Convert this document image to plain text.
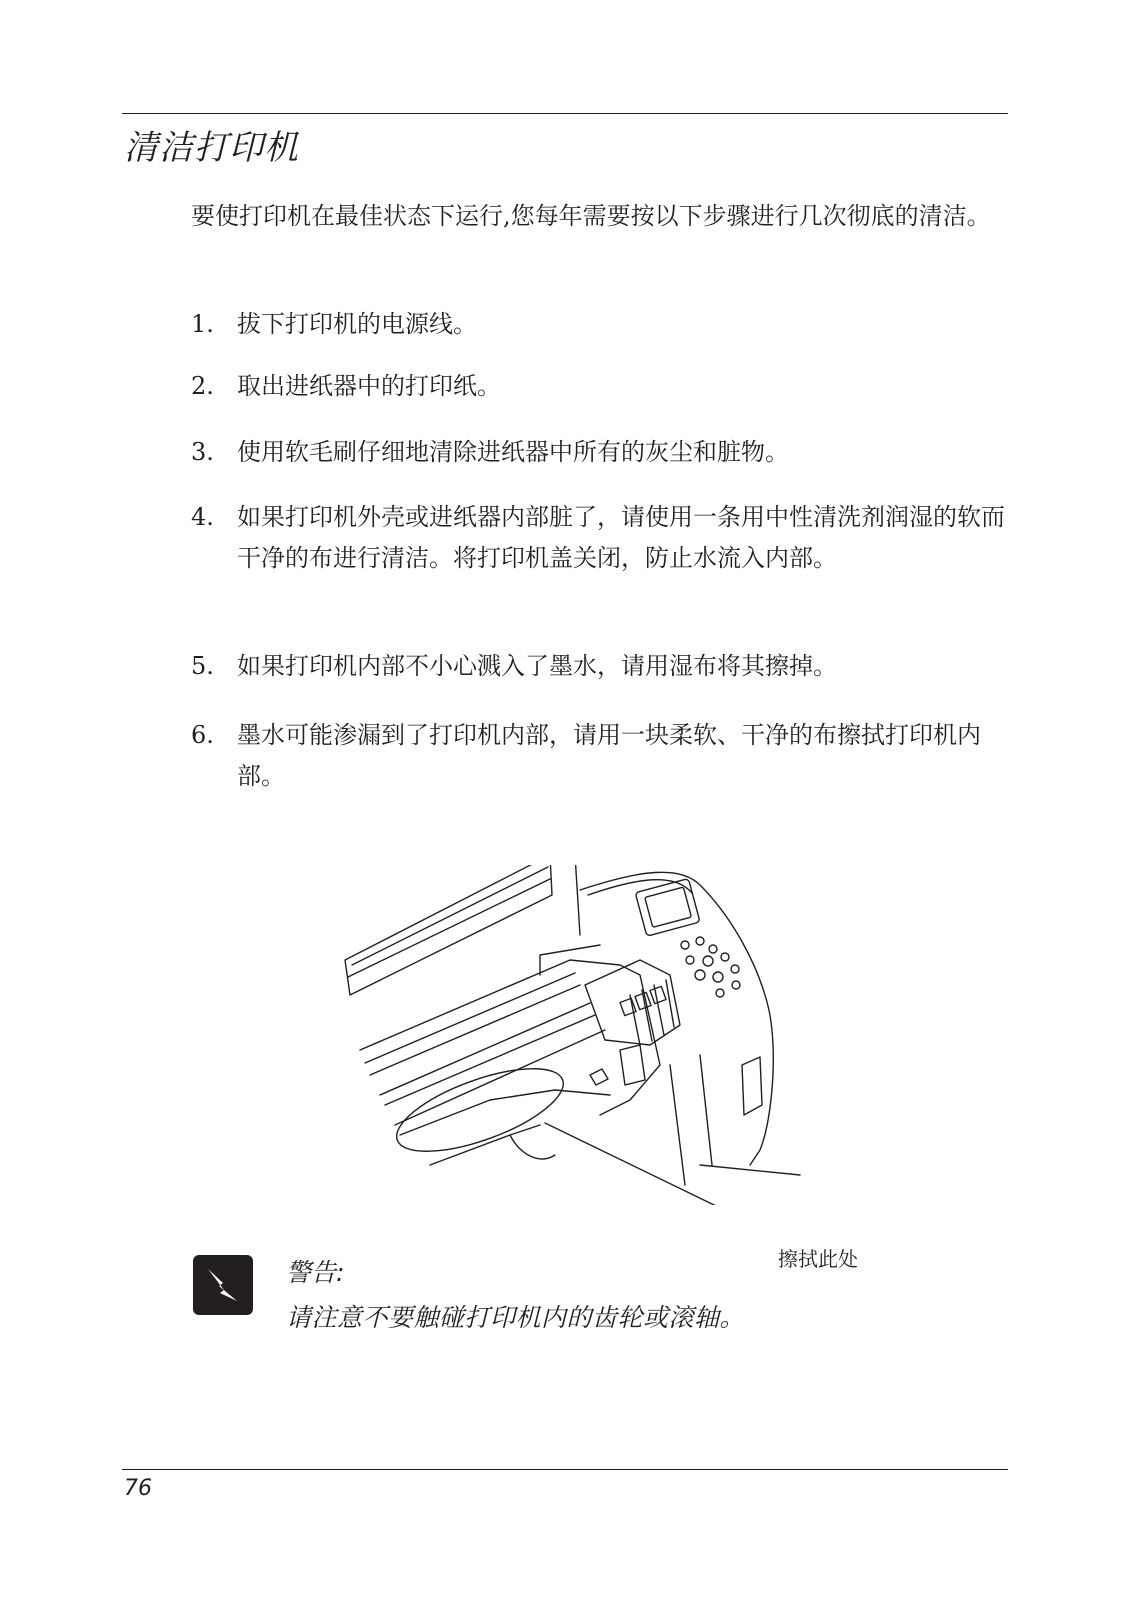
清洁打印机

要使打印机在最佳状态下运行,您每年需要按以下步骤进行几次彻底的清洁。

1. 拔下打印机的电源线。
2. 取出进纸器中的打印纸。
3. 使用软毛刷仔细地清除进纸器中所有的灰尘和脏物。
4. 如果打印机外壳或进纸器内部脏了，请使用一条用中性清洗剂润湿的软而干净的布进行清洁。将打印机盖关闭，防止水流入内部。
5. 如果打印机内部不小心溅入了墨水，请用湿布将其擦掉。
6. 墨水可能渗漏到了打印机内部，请用一块柔软、干净的布擦拭打印机内部。
擦拭此处
警告:
请注意不要触碰打印机内的齿轮或滚轴。
76
